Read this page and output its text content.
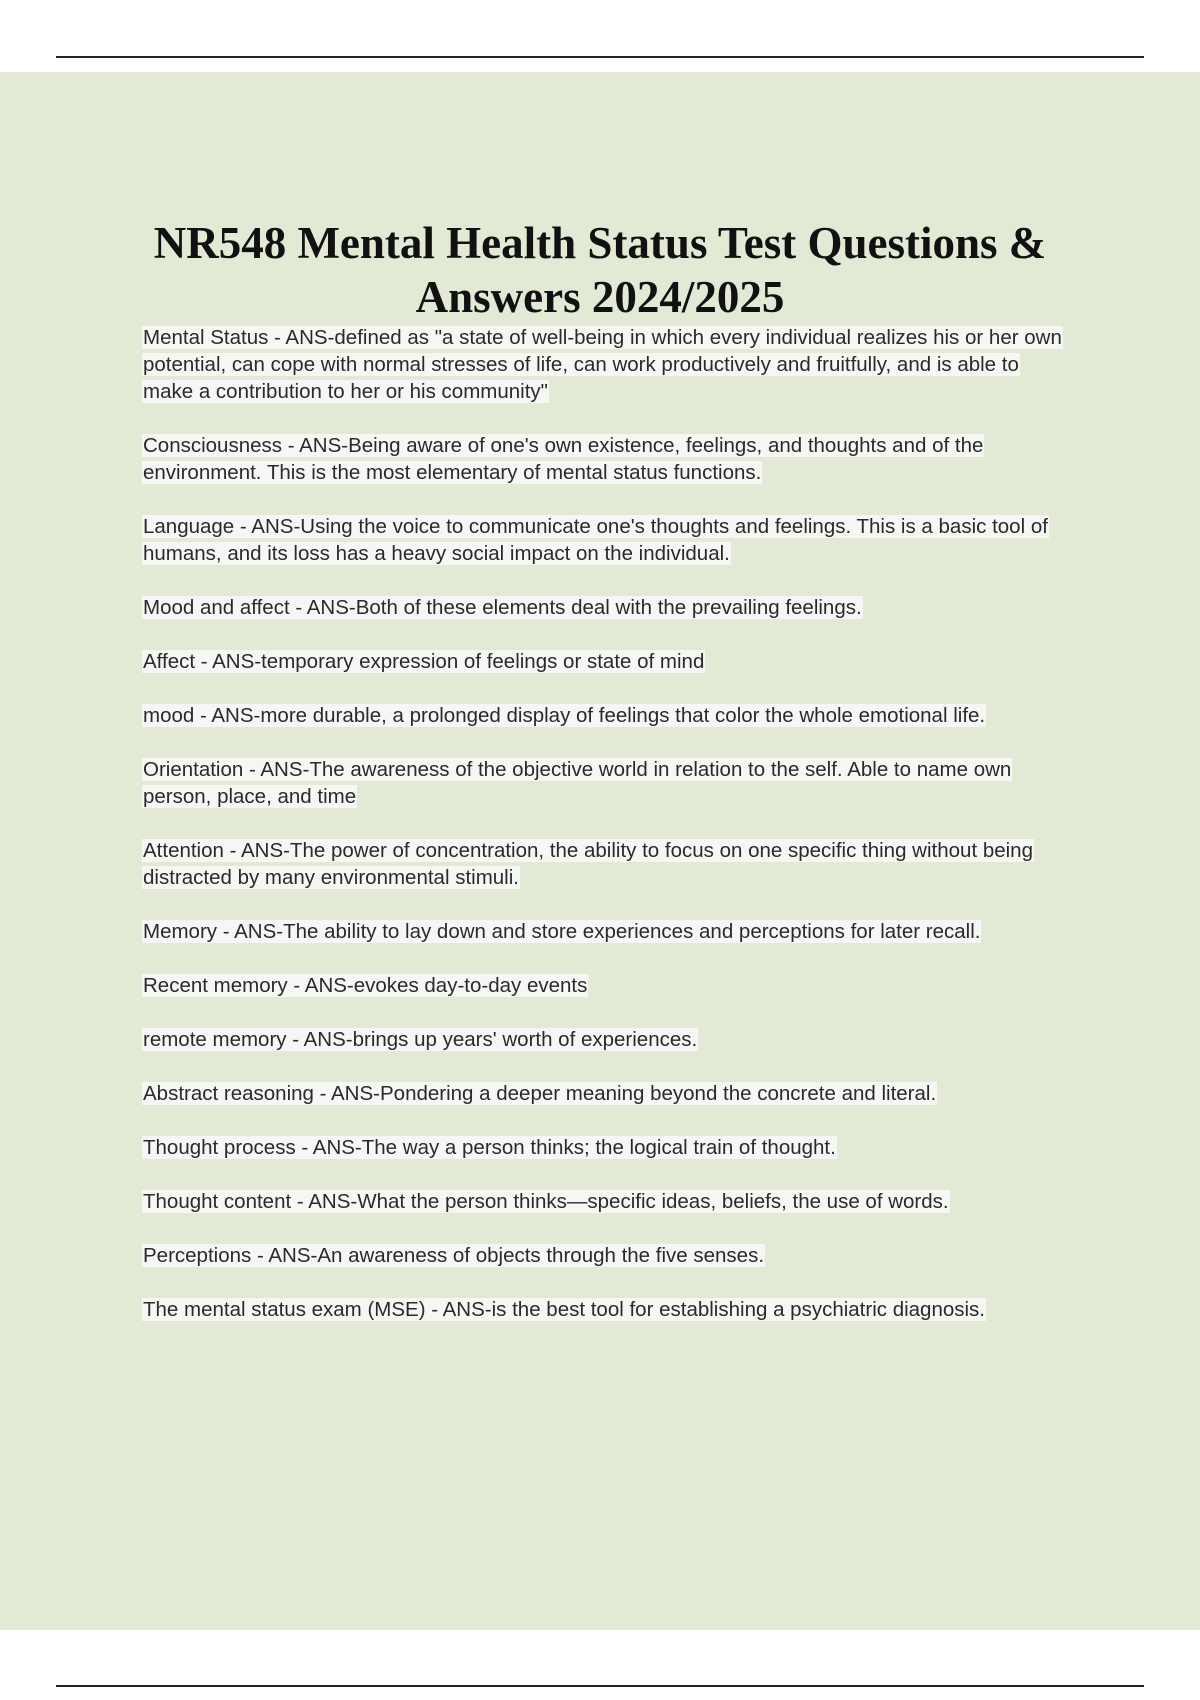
NR548 Mental Health Status Test Questions & Answers 2024/2025
Mental Status - ANS-defined as "a state of well-being in which every individual realizes his or her own potential, can cope with normal stresses of life, can work productively and fruitfully, and is able to make a contribution to her or his community"
Consciousness - ANS-Being aware of one's own existence, feelings, and thoughts and of the environment. This is the most elementary of mental status functions.
Language - ANS-Using the voice to communicate one's thoughts and feelings. This is a basic tool of humans, and its loss has a heavy social impact on the individual.
Mood and affect - ANS-Both of these elements deal with the prevailing feelings.
Affect - ANS-temporary expression of feelings or state of mind
mood - ANS-more durable, a prolonged display of feelings that color the whole emotional life.
Orientation - ANS-The awareness of the objective world in relation to the self. Able to name own person, place, and time
Attention - ANS-The power of concentration, the ability to focus on one specific thing without being distracted by many environmental stimuli.
Memory - ANS-The ability to lay down and store experiences and perceptions for later recall.
Recent memory - ANS-evokes day-to-day events
remote memory - ANS-brings up years' worth of experiences.
Abstract reasoning - ANS-Pondering a deeper meaning beyond the concrete and literal.
Thought process - ANS-The way a person thinks; the logical train of thought.
Thought content - ANS-What the person thinks—specific ideas, beliefs, the use of words.
Perceptions - ANS-An awareness of objects through the five senses.
The mental status exam (MSE) - ANS-is the best tool for establishing a psychiatric diagnosis.
